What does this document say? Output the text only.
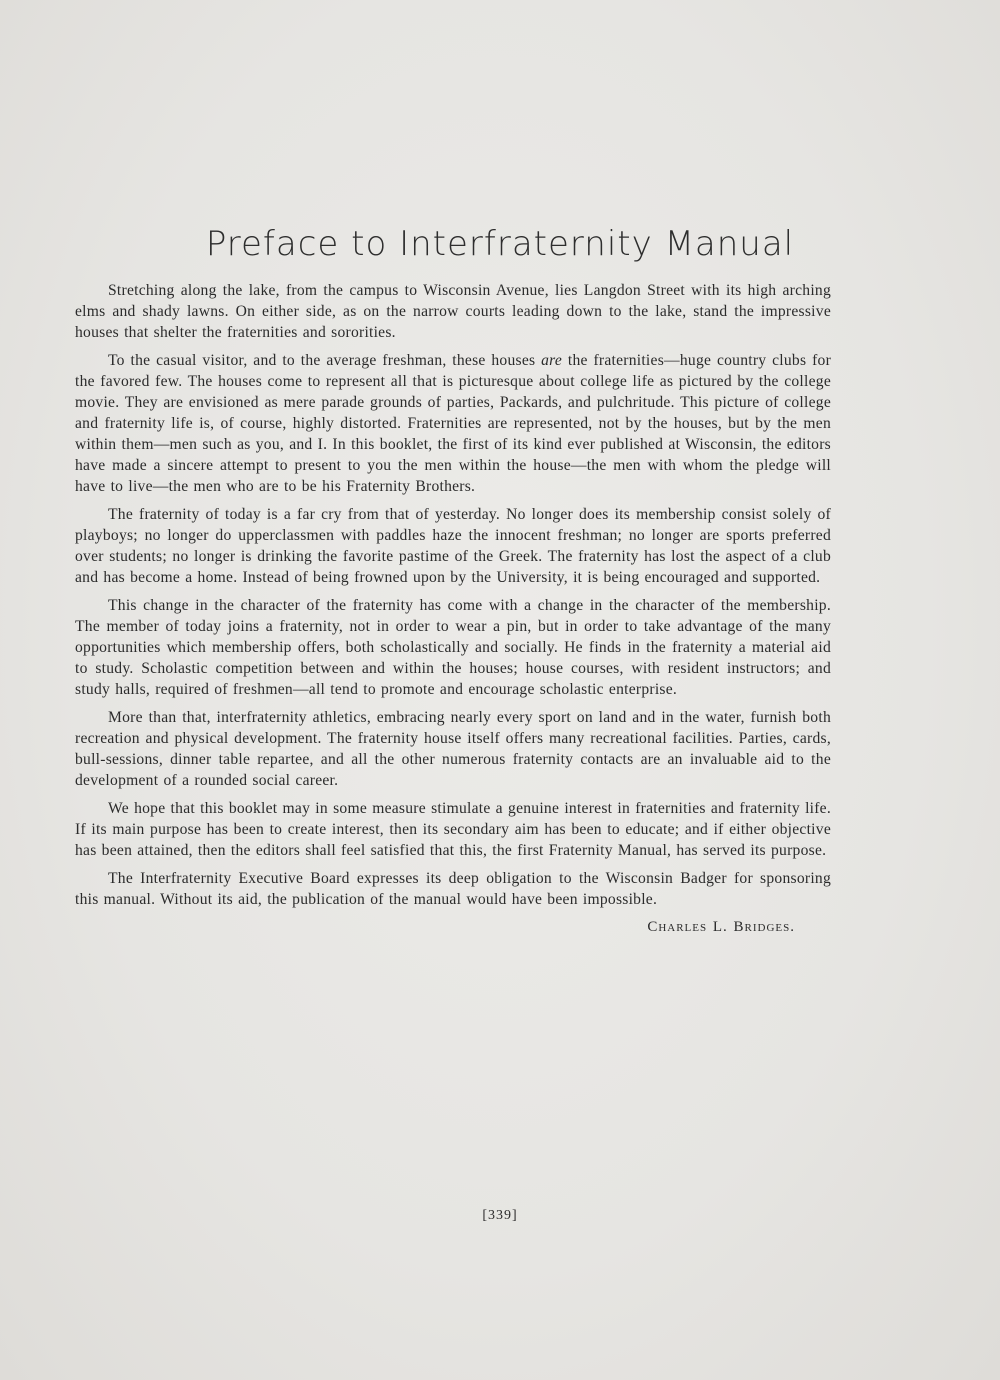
Preface to Interfraternity Manual

Stretching along the lake, from the campus to Wisconsin Avenue, lies Langdon Street with its high arching elms and shady lawns. On either side, as on the narrow courts leading down to the lake, stand the impressive houses that shelter the fraternities and sororities.

To the casual visitor, and to the average freshman, these houses are the fraternities—huge country clubs for the favored few. The houses come to represent all that is picturesque about college life as pictured by the college movie. They are envisioned as mere parade grounds of parties, Packards, and pulchritude. This picture of college and fraternity life is, of course, highly distorted. Fraternities are represented, not by the houses, but by the men within them—men such as you, and I. In this booklet, the first of its kind ever published at Wisconsin, the editors have made a sincere attempt to present to you the men within the house—the men with whom the pledge will have to live—the men who are to be his Fraternity Brothers.

The fraternity of today is a far cry from that of yesterday. No longer does its membership consist solely of playboys; no longer do upperclassmen with paddles haze the innocent freshman; no longer are sports preferred over students; no longer is drinking the favorite pastime of the Greek. The fraternity has lost the aspect of a club and has become a home. Instead of being frowned upon by the University, it is being encouraged and supported.

This change in the character of the fraternity has come with a change in the character of the membership. The member of today joins a fraternity, not in order to wear a pin, but in order to take advantage of the many opportunities which membership offers, both scholastically and socially. He finds in the fraternity a material aid to study. Scholastic competition between and within the houses; house courses, with resident instructors; and study halls, required of freshmen—all tend to promote and encourage scholastic enterprise.

More than that, interfraternity athletics, embracing nearly every sport on land and in the water, furnish both recreation and physical development. The fraternity house itself offers many recreational facilities. Parties, cards, bull-sessions, dinner table repartee, and all the other numerous fraternity contacts are an invaluable aid to the development of a rounded social career.

We hope that this booklet may in some measure stimulate a genuine interest in fraternities and fraternity life. If its main purpose has been to create interest, then its secondary aim has been to educate; and if either objective has been attained, then the editors shall feel satisfied that this, the first Fraternity Manual, has served its purpose.

The Interfraternity Executive Board expresses its deep obligation to the Wisconsin Badger for sponsoring this manual. Without its aid, the publication of the manual would have been impossible.

Charles L. Bridges.
[339]
